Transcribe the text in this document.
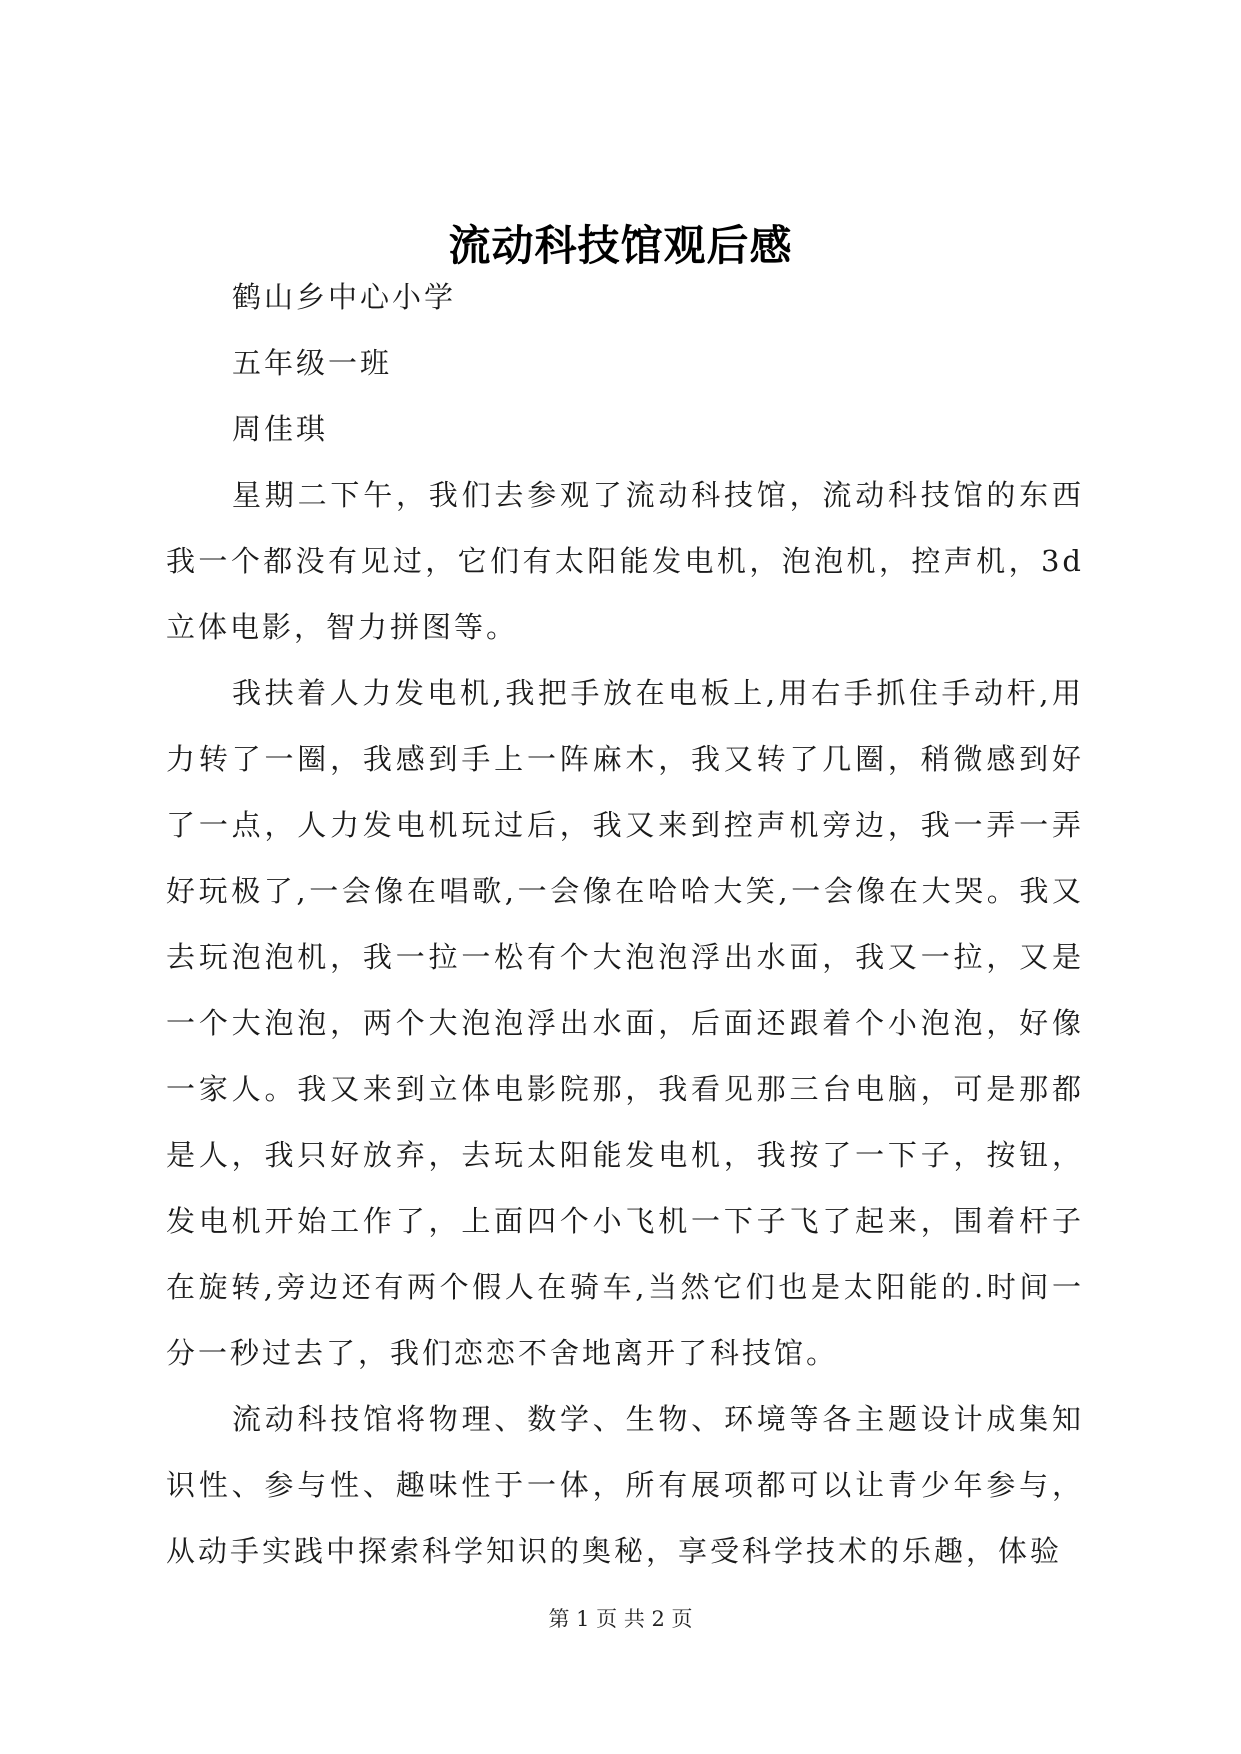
流动科技馆观后感

鹤山乡中心小学

五年级一班

周佳琪

星期二下午，我们去参观了流动科技馆，流动科技馆的东西我一个都没有见过，它们有太阳能发电机，泡泡机，控声机，3d立体电影，智力拼图等。

我扶着人力发电机,我把手放在电板上,用右手抓住手动杆,用力转了一圈，我感到手上一阵麻木，我又转了几圈，稍微感到好了一点，人力发电机玩过后，我又来到控声机旁边，我一弄一弄好玩极了,一会像在唱歌,一会像在哈哈大笑,一会像在大哭。我又去玩泡泡机，我一拉一松有个大泡泡浮出水面，我又一拉，又是一个大泡泡，两个大泡泡浮出水面，后面还跟着个小泡泡，好像一家人。我又来到立体电影院那，我看见那三台电脑，可是那都是人，我只好放弃，去玩太阳能发电机，我按了一下子，按钮，发电机开始工作了，上面四个小飞机一下子飞了起来，围着杆子在旋转,旁边还有两个假人在骑车,当然它们也是太阳能的.时间一分一秒过去了，我们恋恋不舍地离开了科技馆。

流动科技馆将物理、数学、生物、环境等各主题设计成集知识性、参与性、趣味性于一体，所有展项都可以让青少年参与，从动手实践中探索科学知识的奥秘，享受科学技术的乐趣，体验

第 1 页 共 2 页
